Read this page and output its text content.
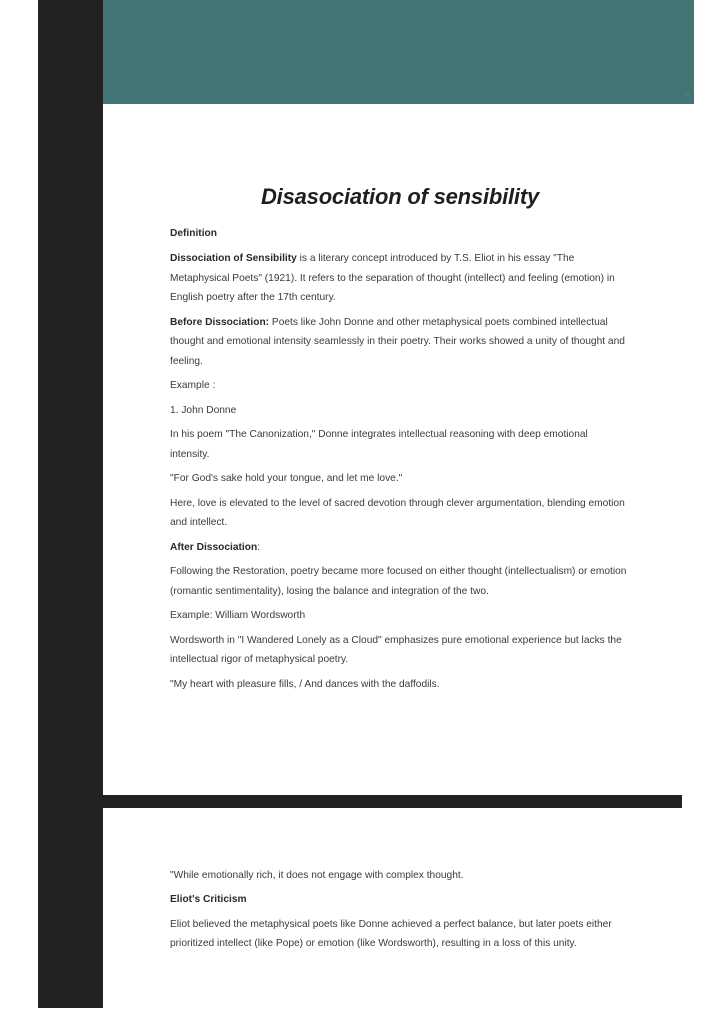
▫
Disasociation of sensibility
Definition

Dissociation of Sensibility is a literary concept introduced by T.S. Eliot in his essay "The Metaphysical Poets" (1921). It refers to the separation of thought (intellect) and feeling (emotion) in English poetry after the 17th century.

Before Dissociation: Poets like John Donne and other metaphysical poets combined intellectual thought and emotional intensity seamlessly in their poetry. Their works showed a unity of thought and feeling.

Example :

1. John Donne

In his poem "The Canonization," Donne integrates intellectual reasoning with deep emotional intensity.

"For God's sake hold your tongue, and let me love."

Here, love is elevated to the level of sacred devotion through clever argumentation, blending emotion and intellect.

After Dissociation:

Following the Restoration, poetry became more focused on either thought (intellectualism) or emotion (romantic sentimentality), losing the balance and integration of the two.

Example: William Wordsworth

Wordsworth in "I Wandered Lonely as a Cloud" emphasizes pure emotional experience but lacks the intellectual rigor of metaphysical poetry.

"My heart with pleasure fills, / And dances with the daffodils.

"While emotionally rich, it does not engage with complex thought.

Eliot's Criticism

Eliot believed the metaphysical poets like Donne achieved a perfect balance, but later poets either prioritized intellect (like Pope) or emotion (like Wordsworth), resulting in a loss of this unity.
